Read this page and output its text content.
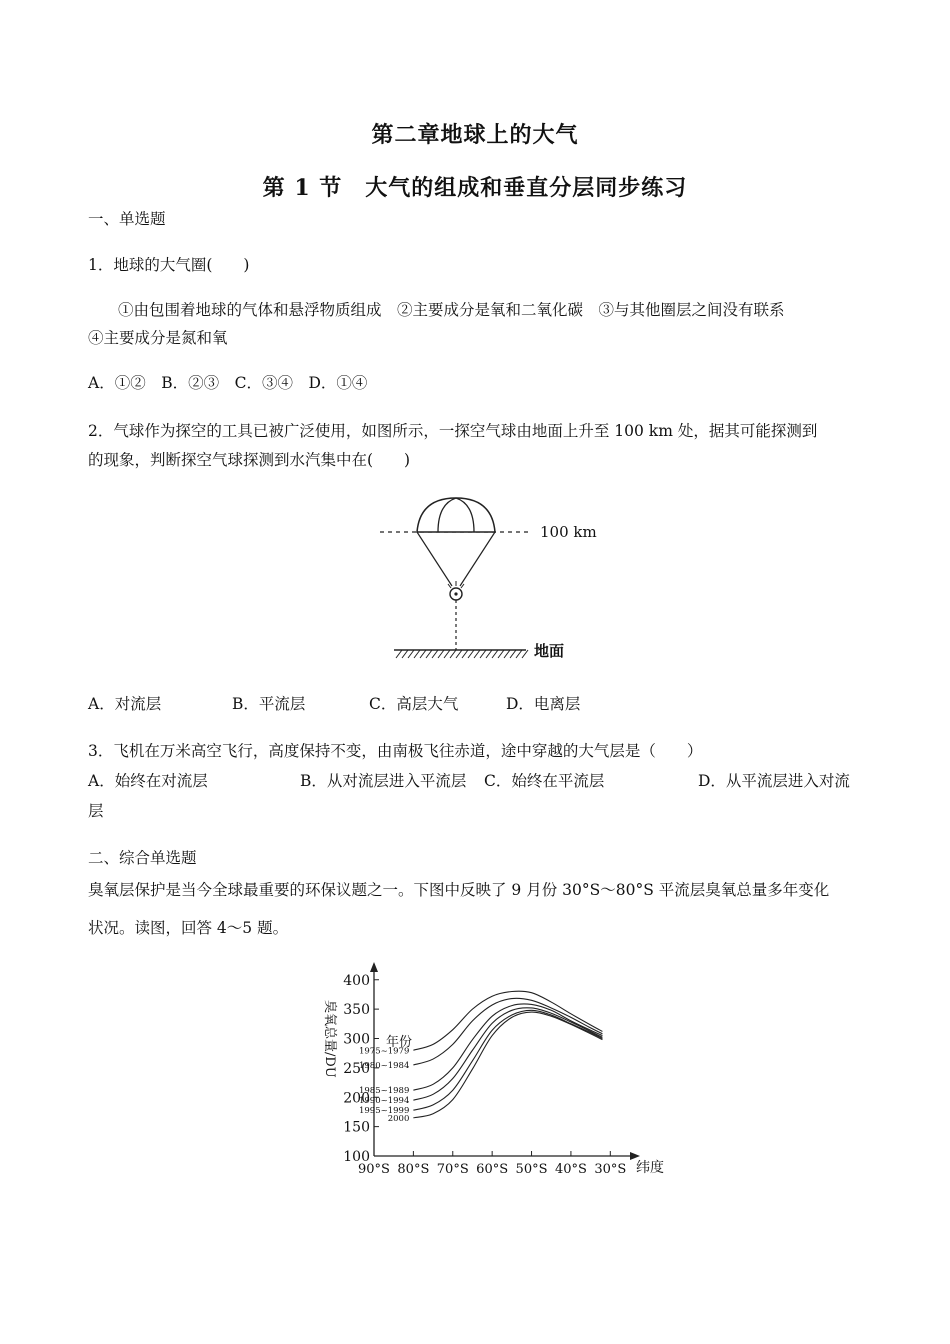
第二章地球上的大气
第 1 节　大气的组成和垂直分层同步练习
一、单选题
1．地球的大气圈(　　)
①由包围着地球的气体和悬浮物质组成　②主要成分是氧和二氧化碳　③与其他圈层之间没有联系
④主要成分是氮和氧
A．①②　B．②③　C．③④　D．①④
2．气球作为探空的工具已被广泛使用，如图所示，一探空气球由地面上升至 100 km 处，据其可能探测到
的现象，判断探空气球探测到水汽集中在(　　)
100 km
地面
A．对流层	B．平流层	C．高层大气	D．电离层
3．飞机在万米高空飞行，高度保持不变，由南极飞往赤道，途中穿越的大气层是（　　）
A．始终在对流层	B．从对流层进入平流层 C．始终在平流层	D．从平流层进入对流
层
二、综合单选题
臭氧层保护是当今全球最重要的环保议题之一。下图中反映了 9 月份 30°S～80°S 平流层臭氧总量多年变化
状况。读图，回答 4～5 题。
100
150
200
250
300
350
400
90°S 80°S 70°S 60°S 50°S 40°S 30°S
1975~1979
1980~1984
1985~1989
1990~1994
1995~1999
2000
臭氧总量/DU
纬度
年份
